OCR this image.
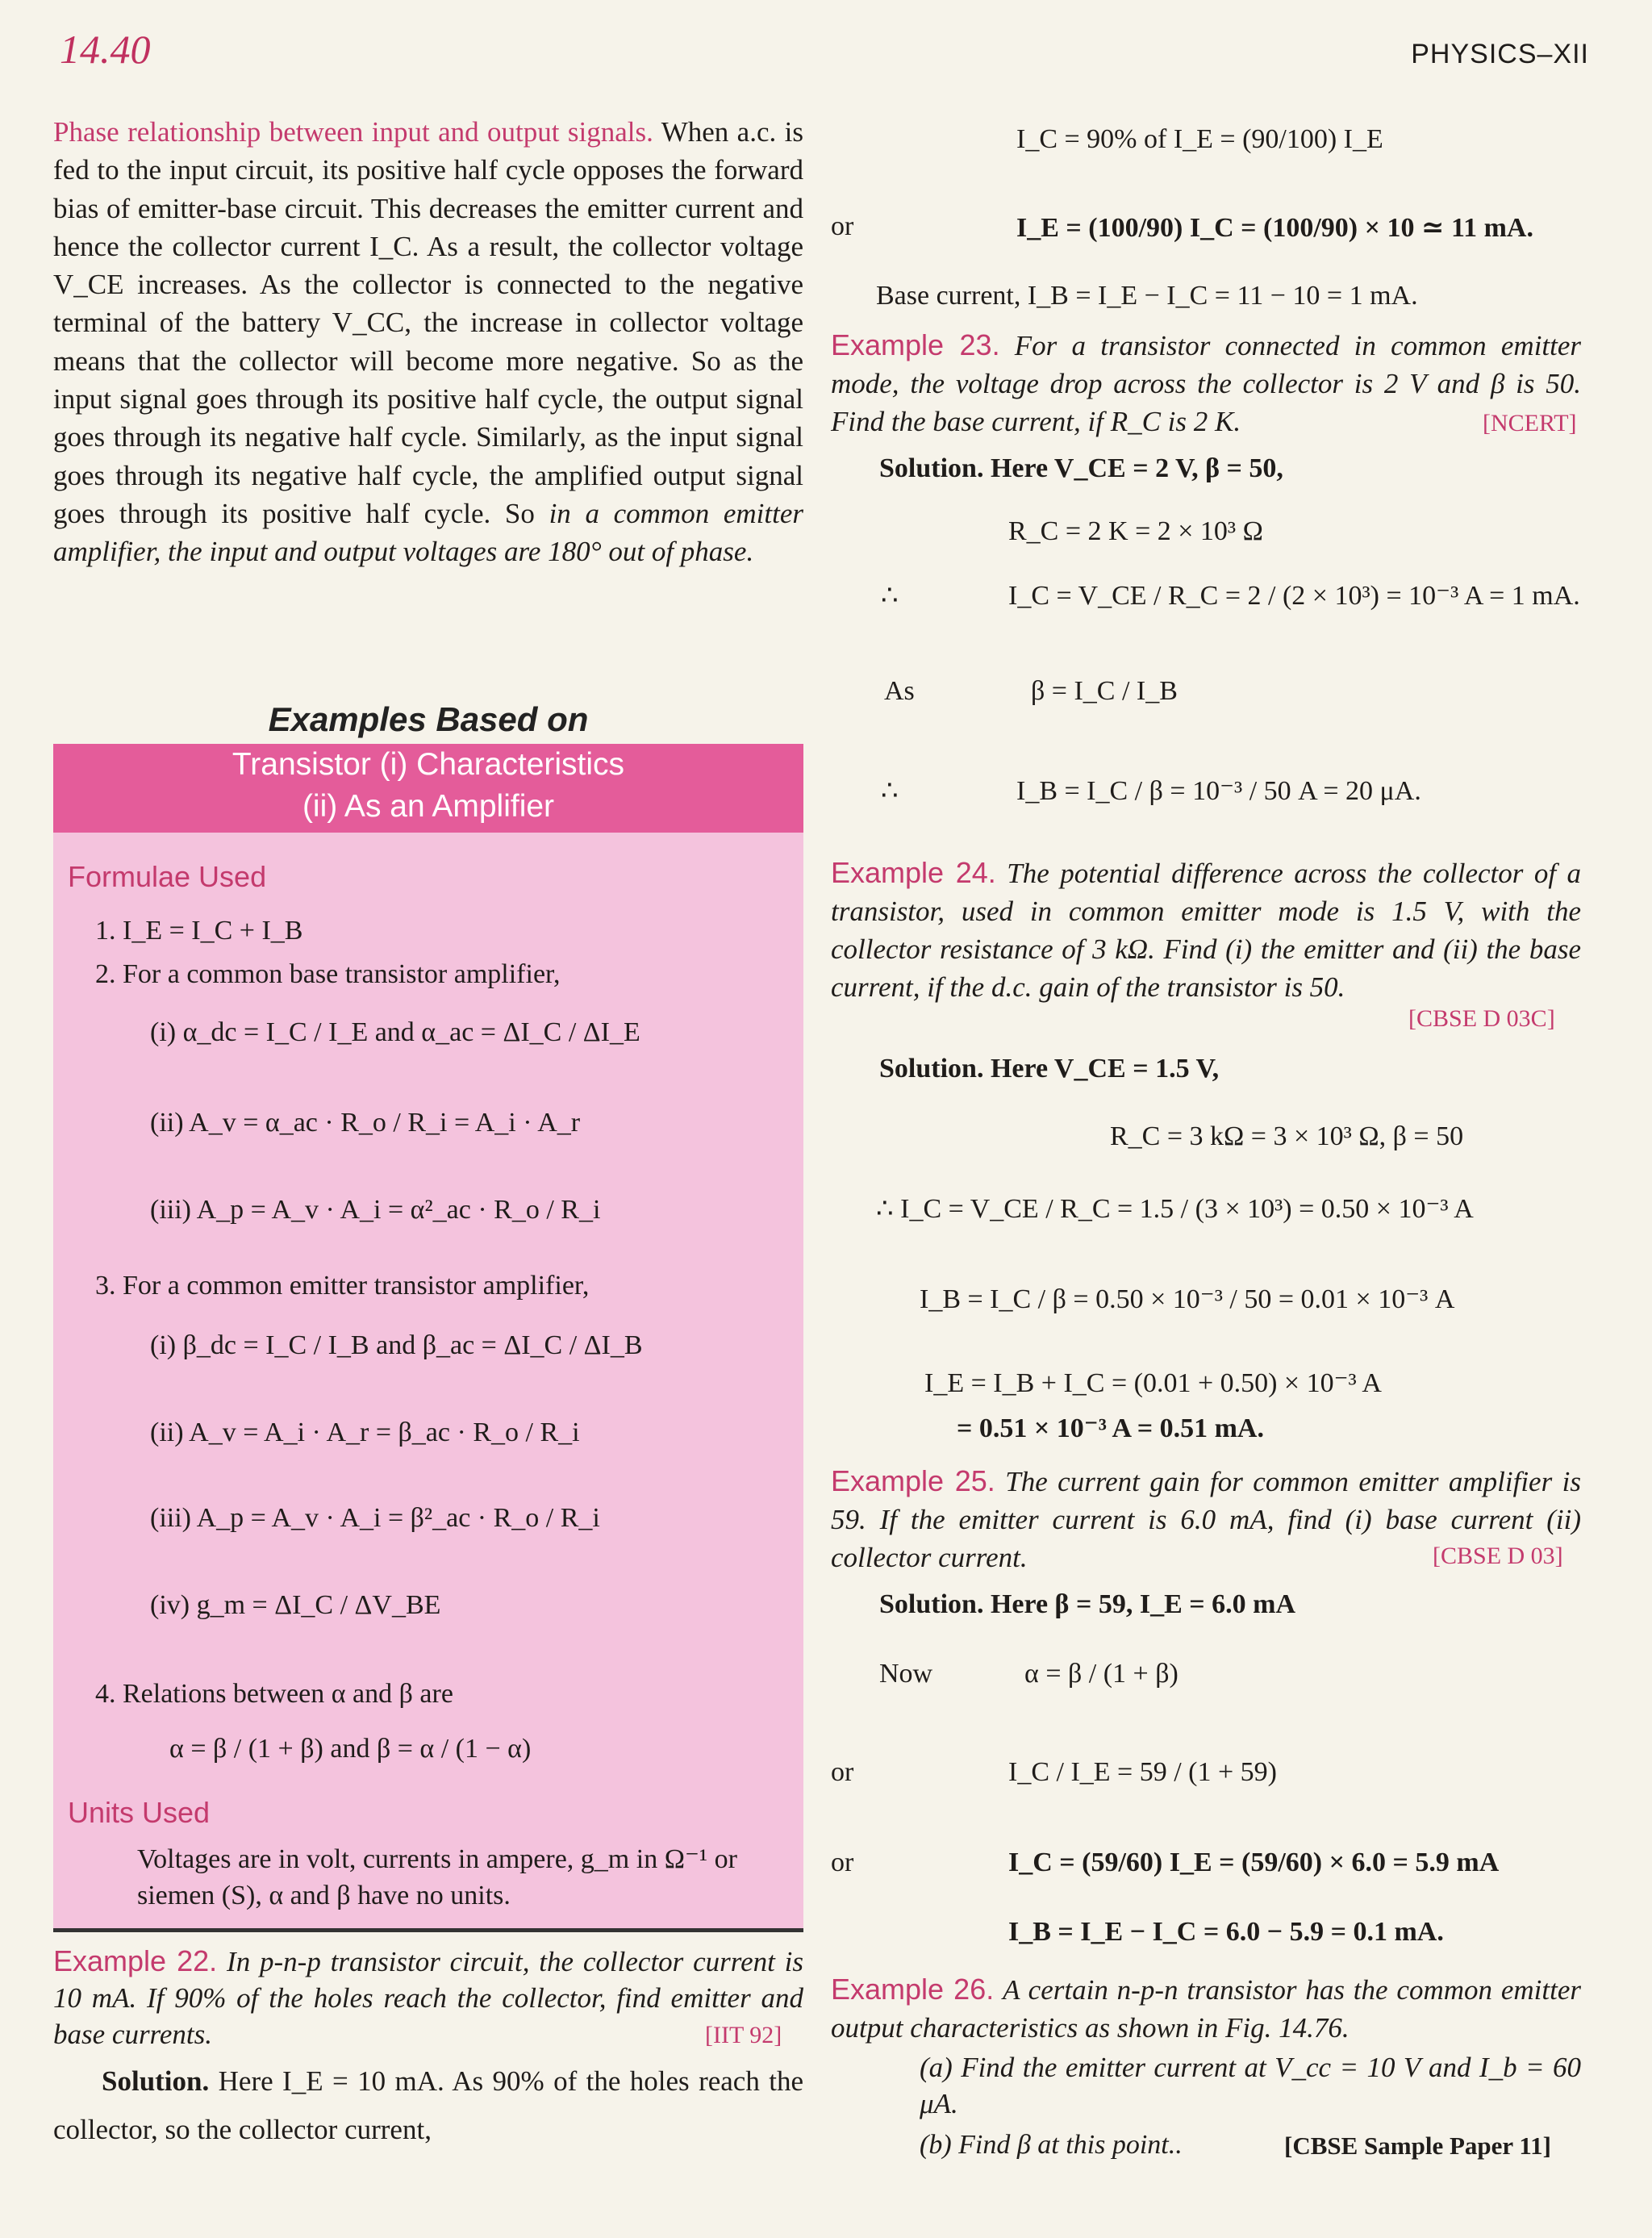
14.40	PHYSICS–XII
Phase relationship between input and output signals. When a.c. is fed to the input circuit, its positive half cycle opposes the forward bias of emitter-base circuit. This decreases the emitter current and hence the collector current I_C. As a result, the collector voltage V_CE increases. As the collector is connected to the negative terminal of the battery V_CC, the increase in collector voltage means that the collector will become more negative. So as the input signal goes through its positive half cycle, the output signal goes through its negative half cycle. Similarly, as the input signal goes through its negative half cycle, the amplified output signal goes through its positive half cycle. So in a common emitter amplifier, the input and output voltages are 180° out of phase.
Examples Based on
Transistor (i) Characteristics
(ii) As an Amplifier
Formulae Used
1. I_E = I_C + I_B
2. For a common base transistor amplifier,
(i) α_dc = I_C / I_E and α_ac = ΔI_C / ΔI_E
(ii) A_v = α_ac · R_o / R_i = A_i · A_r
(iii) A_p = A_v · A_i = α²_ac · R_o / R_i
3. For a common emitter transistor amplifier,
(i) β_dc = I_C / I_B and β_ac = ΔI_C / ΔI_B
(ii) A_v = A_i · A_r = β_ac · R_o / R_i
(iii) A_p = A_v · A_i = β²_ac · R_o / R_i
(iv) g_m = ΔI_C / ΔV_BE
4. Relations between α and β are
α = β / (1 + β) and β = α / (1 − α)
Units Used
Voltages are in volt, currents in ampere, g_m in Ω⁻¹ or siemen (S), α and β have no units.
Example 22. In p-n-p transistor circuit, the collector current is 10 mA. If 90% of the holes reach the collector, find emitter and base currents.	[IIT 92]
Solution. Here I_E = 10 mA. As 90% of the holes reach the collector, so the collector current,
I_C = 90% of I_E = (90/100) I_E
or	I_E = (100/90) I_C = (100/90) × 10 ≃ 11 mA.
Base current, I_B = I_E − I_C = 11 − 10 = 1 mA.
Example 23. For a transistor connected in common emitter mode, the voltage drop across the collector is 2 V and β is 50. Find the base current, if R_C is 2 K.	[NCERT]
Solution. Here V_CE = 2 V, β = 50,
R_C = 2 K = 2 × 10³ Ω
∴	I_C = V_CE / R_C = 2 / (2 × 10³) = 10⁻³ A = 1 mA.
As	β = I_C / I_B
∴	I_B = I_C / β = 10⁻³ / 50 A = 20 μA.
Example 24. The potential difference across the collector of a transistor, used in common emitter mode is 1.5 V, with the collector resistance of 3 kΩ. Find (i) the emitter and (ii) the base current, if the d.c. gain of the transistor is 50.
[CBSE D 03C]
Solution. Here V_CE = 1.5 V,
R_C = 3 kΩ = 3 × 10³ Ω, β = 50
∴ I_C = V_CE / R_C = 1.5 / (3 × 10³) = 0.50 × 10⁻³ A
I_B = I_C / β = 0.50 × 10⁻³ / 50 = 0.01 × 10⁻³ A
I_E = I_B + I_C = (0.01 + 0.50) × 10⁻³ A
= 0.51 × 10⁻³ A = 0.51 mA.
Example 25. The current gain for common emitter amplifier is 59. If the emitter current is 6.0 mA, find (i) base current (ii) collector current.	[CBSE D 03]
Solution. Here β = 59, I_E = 6.0 mA
Now	α = β / (1 + β)
or	I_C / I_E = 59 / (1 + 59)
or	I_C = (59/60) I_E = (59/60) × 6.0 = 5.9 mA
I_B = I_E − I_C = 6.0 − 5.9 = 0.1 mA.
Example 26. A certain n-p-n transistor has the common emitter output characteristics as shown in Fig. 14.76.
(a) Find the emitter current at V_cc = 10 V and I_b = 60 μA.
(b) Find β at this point..	[CBSE Sample Paper 11]
